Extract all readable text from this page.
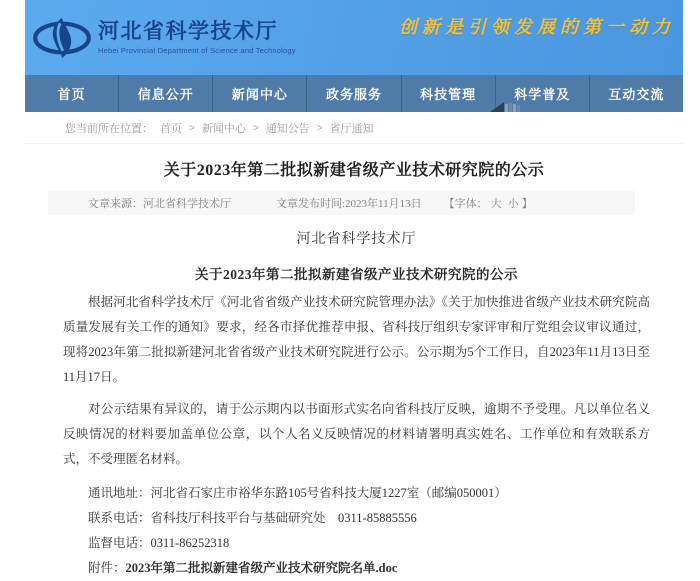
河北省科学技术厅
Hebei Provincial Department of Science and Technology
创新是引领发展的第一动力
首页	信息公开	新闻中心	政务服务	科技管理	科学普及	互动交流
您当前所在位置： 首页 > 新闻中心 > 通知公告 > 省厅通知
关于2023年第二批拟新建省级产业技术研究院的公示
文章来源：河北省科学技术厅	文章发布时间:2023年11月13日 【字体： 大 小 】

河北省科学技术厅

关于2023年第二批拟新建省级产业技术研究院的公示

根据河北省科学技术厅《河北省省级产业技术研究院管理办法》《关于加快推进省级产业技术研究院高质量发展有关工作的通知》要求，经各市择优推荐申报、省科技厅组织专家评审和厅党组会议审议通过，现将2023年第二批拟新建河北省省级产业技术研究院进行公示。公示期为5个工作日，自2023年11月13日至11月17日。

对公示结果有异议的，请于公示期内以书面形式实名向省科技厅反映，逾期不予受理。凡以单位名义反映情况的材料要加盖单位公章，以个人名义反映情况的材料请署明真实姓名、工作单位和有效联系方式，不受理匿名材料。

通讯地址：河北省石家庄市裕华东路105号省科技大厦1227室（邮编050001）

联系电话：省科技厅科技平台与基础研究处　0311-85885556

监督电话：0311-86252318

附件：2023年第二批拟新建省级产业技术研究院名单.doc
